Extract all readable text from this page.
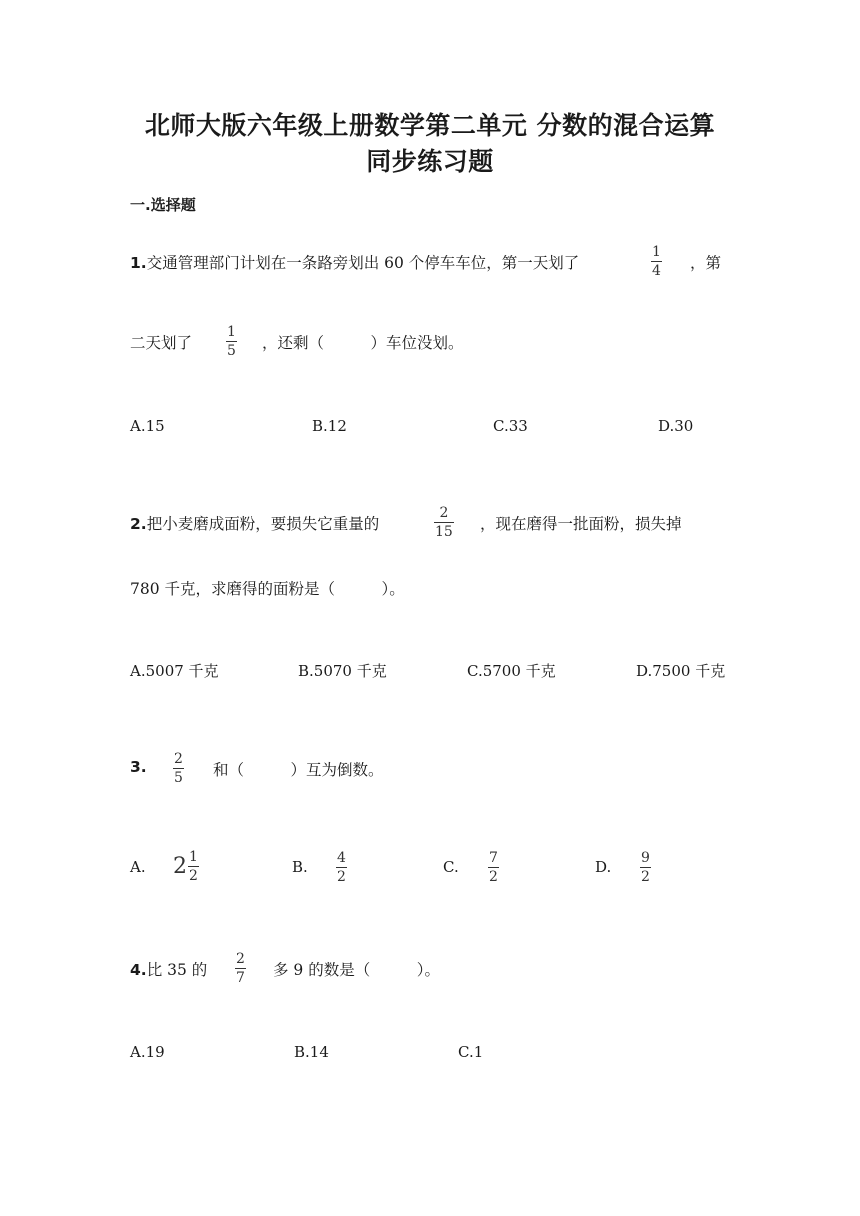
北师大版六年级上册数学第二单元 分数的混合运算
同步练习题
一.选择题
1.交通管理部门计划在一条路旁划出 60 个停车车位，第一天划了
1
4 ，第
二天划了
1
5 ，还剩（　　　）车位没划。
A.15	B.12	C.33	D.30
2.把小麦磨成面粉，要损失它重量的
2
15 ，现在磨得一批面粉，损失掉
780 千克，求磨得的面粉是（　　　）。
A.5007 千克	B.5070 千克	C.5700 千克	D.7500 千克
3. 2
5 和（　　　）互为倒数。
A. $2 \frac{1}{2}$	B. 4
2
C. 7
2
D. 9
2
4.比 35 的
2
7 多 9 的数是（　　　）。
A.19	B.14	C.1
